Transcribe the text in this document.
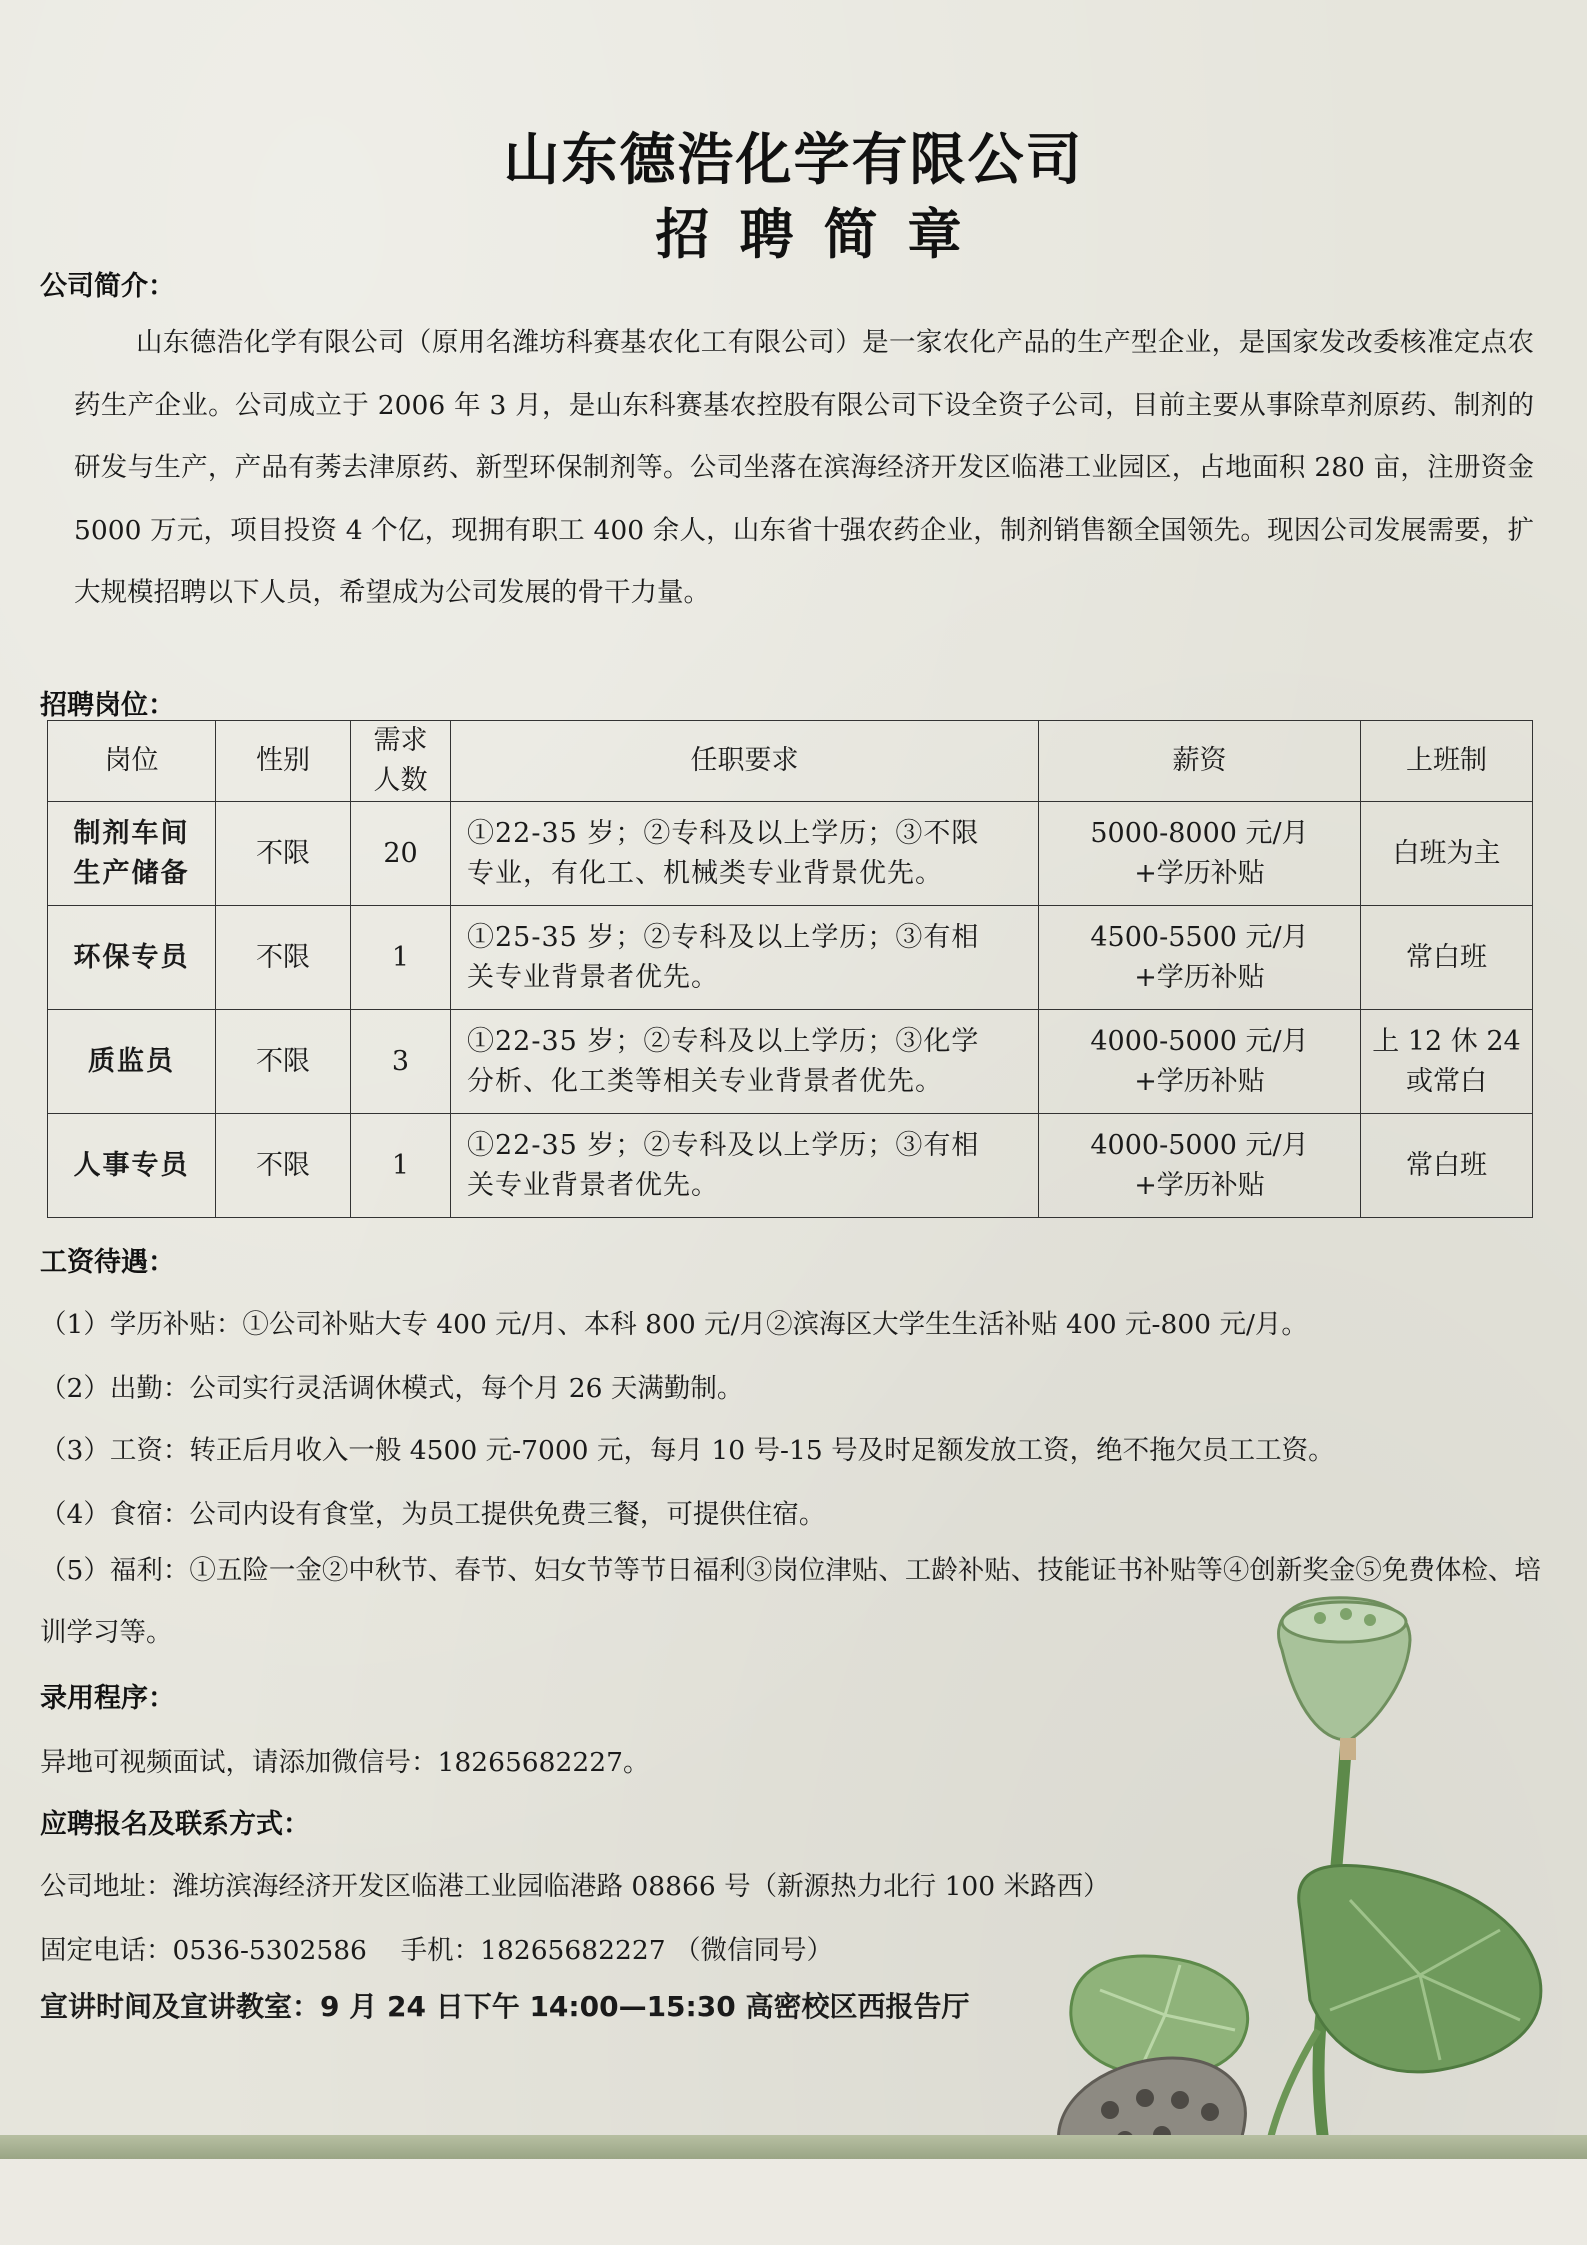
山东德浩化学有限公司
招聘简章
公司简介：

山东德浩化学有限公司（原用名潍坊科赛基农化工有限公司）是一家农化产品的生产型企业，是国家发改委核准定点农药生产企业。公司成立于 2006 年 3 月，是山东科赛基农控股有限公司下设全资子公司，目前主要从事除草剂原药、制剂的研发与生产，产品有莠去津原药、新型环保制剂等。公司坐落在滨海经济开发区临港工业园区，占地面积 280 亩，注册资金 5000 万元，项目投资 4 个亿，现拥有职工 400 余人，山东省十强农药企业，制剂销售额全国领先。现因公司发展需要，扩大规模招聘以下人员，希望成为公司发展的骨干力量。

招聘岗位：
岗位	性别	需求 人数	任职要求	薪资	上班制

制剂车间
生产储备	不限	20	①22-35 岁；②专科及以上学历；③不限
专业，有化工、机械类专业背景优先。	5000-8000 元/月
+学历补贴	白班为主

环保专员	不限	1	①25-35 岁；②专科及以上学历；③有相
关专业背景者优先。	4500-5500 元/月
+学历补贴	常白班

质监员	不限	3	①22-35 岁；②专科及以上学历；③化学
分析、化工类等相关专业背景者优先。	4000-5000 元/月
+学历补贴	上 12 休 24
或常白

人事专员	不限	1	①22-35 岁；②专科及以上学历；③有相
关专业背景者优先。	4000-5000 元/月
+学历补贴	常白班
工资待遇：

（1）学历补贴：①公司补贴大专 400 元/月、本科 800 元/月②滨海区大学生生活补贴 400 元-800 元/月。

（2）出勤：公司实行灵活调休模式，每个月 26 天满勤制。

（3）工资：转正后月收入一般 4500 元-7000 元，每月 10 号-15 号及时足额发放工资，绝不拖欠员工工资。

（4）食宿：公司内设有食堂，为员工提供免费三餐，可提供住宿。

（5）福利：①五险一金②中秋节、春节、妇女节等节日福利③岗位津贴、工龄补贴、技能证书补贴等④创新奖金⑤免费体检、培训学习等。

录用程序：

异地可视频面试，请添加微信号：18265682227。

应聘报名及联系方式：

公司地址：潍坊滨海经济开发区临港工业园临港路 08866 号（新源热力北行 100 米路西）

固定电话：0536-5302586    手机：18265682227 （微信同号）

宣讲时间及宣讲教室：9 月 24 日下午 14:00—15:30 高密校区西报告厅
